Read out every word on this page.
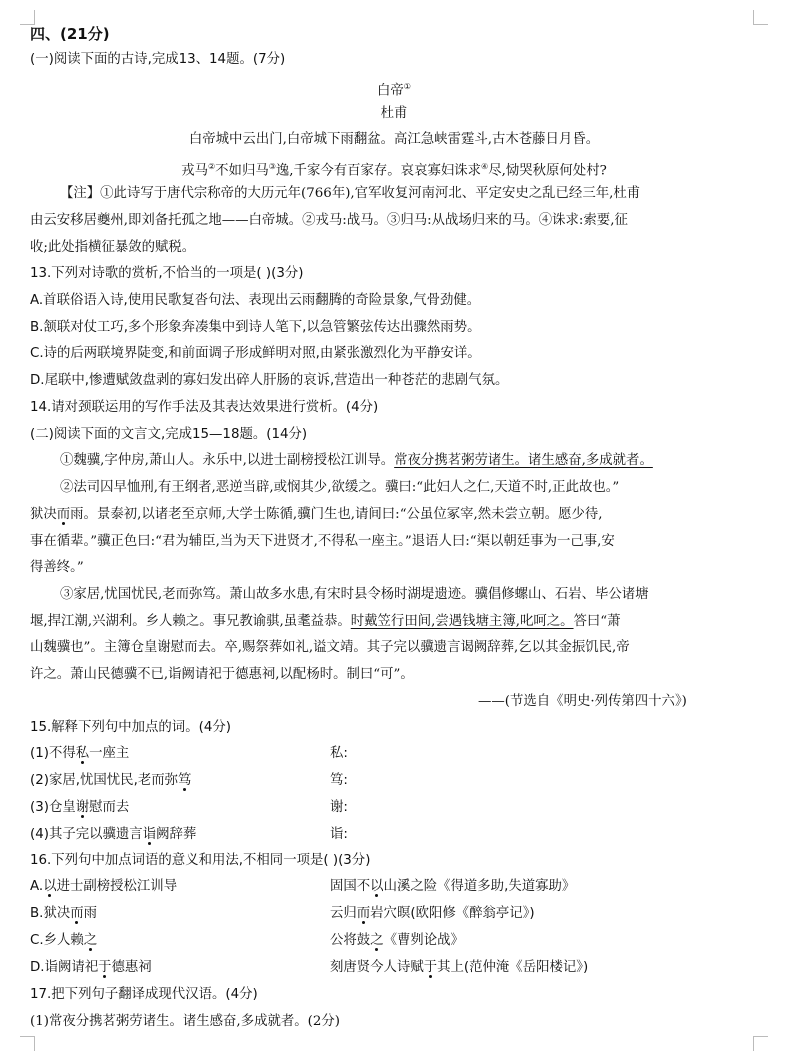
四、(21分)
(一)阅读下面的古诗,完成13、14题。(7分)
白帝①
杜甫
白帝城中云出门,白帝城下雨翻盆。高江急峡雷霆斗,古木苍藤日月昏。
戎马②不如归马③逸,千家今有百家存。哀哀寡妇诛求④尽,恸哭秋原何处村?
【注】①此诗写于唐代宗称帝的大历元年(766年),官军收复河南河北、平定安史之乱已经三年,杜甫
由云安移居夔州,即刘备托孤之地——白帝城。②戎马:战马。③归马:从战场归来的马。④诛求:索要,征
收;此处指横征暴敛的赋税。
13.下列对诗歌的赏析,不恰当的一项是( )(3分)
A.首联俗语入诗,使用民歌复沓句法、表现出云雨翻腾的奇险景象,气骨劲健。
B.颔联对仗工巧,多个形象奔凑集中到诗人笔下,以急管繁弦传达出骤然雨势。
C.诗的后两联境界陡变,和前面调子形成鲜明对照,由紧张激烈化为平静安详。
D.尾联中,惨遭赋敛盘剥的寡妇发出碎人肝肠的哀诉,营造出一种苍茫的悲剧气氛。
14.请对颈联运用的写作手法及其表达效果进行赏析。(4分)
(二)阅读下面的文言文,完成15—18题。(14分)
①魏骥,字仲房,萧山人。永乐中,以进士副榜授松江训导。常夜分携茗粥劳诸生。诸生感奋,多成就者。
②法司囚早恤刑,有王纲者,恶逆当辟,或悯其少,欲缓之。骥曰:“此妇人之仁,天道不时,正此故也。”
狱决而雨。景泰初,以诸老至京师,大学士陈循,骥门生也,请间曰:“公虽位冢宰,然未尝立朝。愿少待,
事在循辈。”骥正色曰:“君为辅臣,当为天下进贤才,不得私一座主。”退语人曰:“渠以朝廷事为一己事,安
得善终。”
③家居,忧国忧民,老而弥笃。萧山故多水患,有宋时县令杨时湖堤遗迹。骥倡修螺山、石岩、毕公诸塘
堰,捍江潮,兴湖利。乡人赖之。事兄教谕骐,虽耄益恭。时戴笠行田间,尝遇钱塘主簿,叱呵之。答曰“萧
山魏骥也”。主簿仓皇谢慰而去。卒,赐祭葬如礼,谥文靖。其子完以骥遗言谒阙辞葬,乞以其金振饥民,帝
许之。萧山民德骥不已,诣阙请祀于德惠祠,以配杨时。制曰“可”。
——(节选自《明史·列传第四十六》)
15.解释下列句中加点的词。(4分)
(1)不得私一座主	私:
(2)家居,忧国忧民,老而弥笃	笃:
(3)仓皇谢慰而去	谢:
(4)其子完以骥遗言诣阙辞葬	诣:
16.下列句中加点词语的意义和用法,不相同一项是( )(3分)
A.以进士副榜授松江训导	固国不以山溪之险《得道多助,失道寡助》
B.狱决而雨	云归而岩穴暝(欧阳修《醉翁亭记》)
C.乡人赖之	公将鼓之《曹刿论战》
D.诣阙请祀于德惠祠	刻唐贤今人诗赋于其上(范仲淹《岳阳楼记》)
17.把下列句子翻译成现代汉语。(4分)
(1)常夜分携茗粥劳诸生。诸生感奋,多成就者。(2分)
